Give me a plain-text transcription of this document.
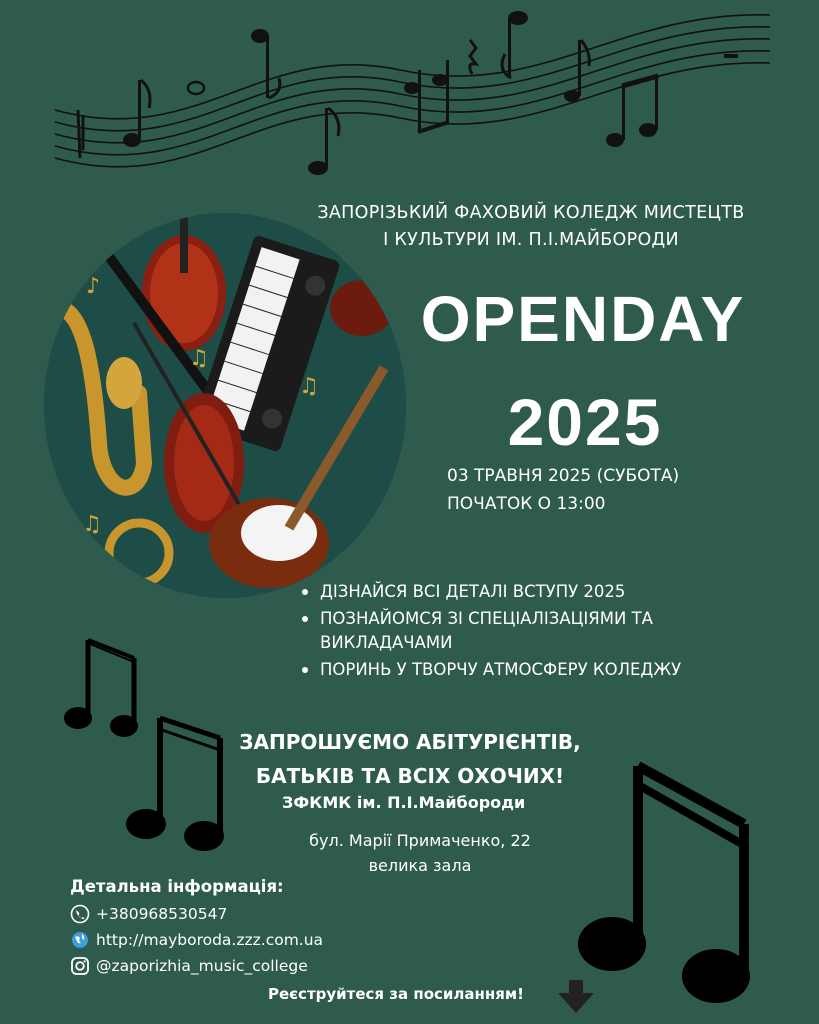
♪
♫
♫
♫
ЗАПОРІЗЬКИЙ ФАХОВИЙ КОЛЕДЖ МИСТЕЦТВ
І КУЛЬТУРИ ІМ. П.І.МАЙБОРОДИ
OPENDAY
2025
03 ТРАВНЯ 2025 (СУБОТА)
ПОЧАТОК О 13:00
ДІЗНАЙСЯ ВСІ ДЕТАЛІ ВСТУПУ 2025
ПОЗНАЙОМСЯ ЗІ СПЕЦІАЛІЗАЦІЯМИ ТА ВИКЛАДАЧАМИ
ПОРИНЬ У ТВОРЧУ АТМОСФЕРУ КОЛЕДЖУ
ЗАПРОШУЄМО АБІТУРІЄНТІВ,
БАТЬКІВ ТА ВСІХ ОХОЧИХ!
ЗФКМК ім. П.І.Майбороди
бул. Марії Примаченко, 22
велика зала
Детальна інформація:
+380968530547
http://mayboroda.zzz.com.ua
@zaporizhia_music_college
Реєструйтеся за посиланням!
